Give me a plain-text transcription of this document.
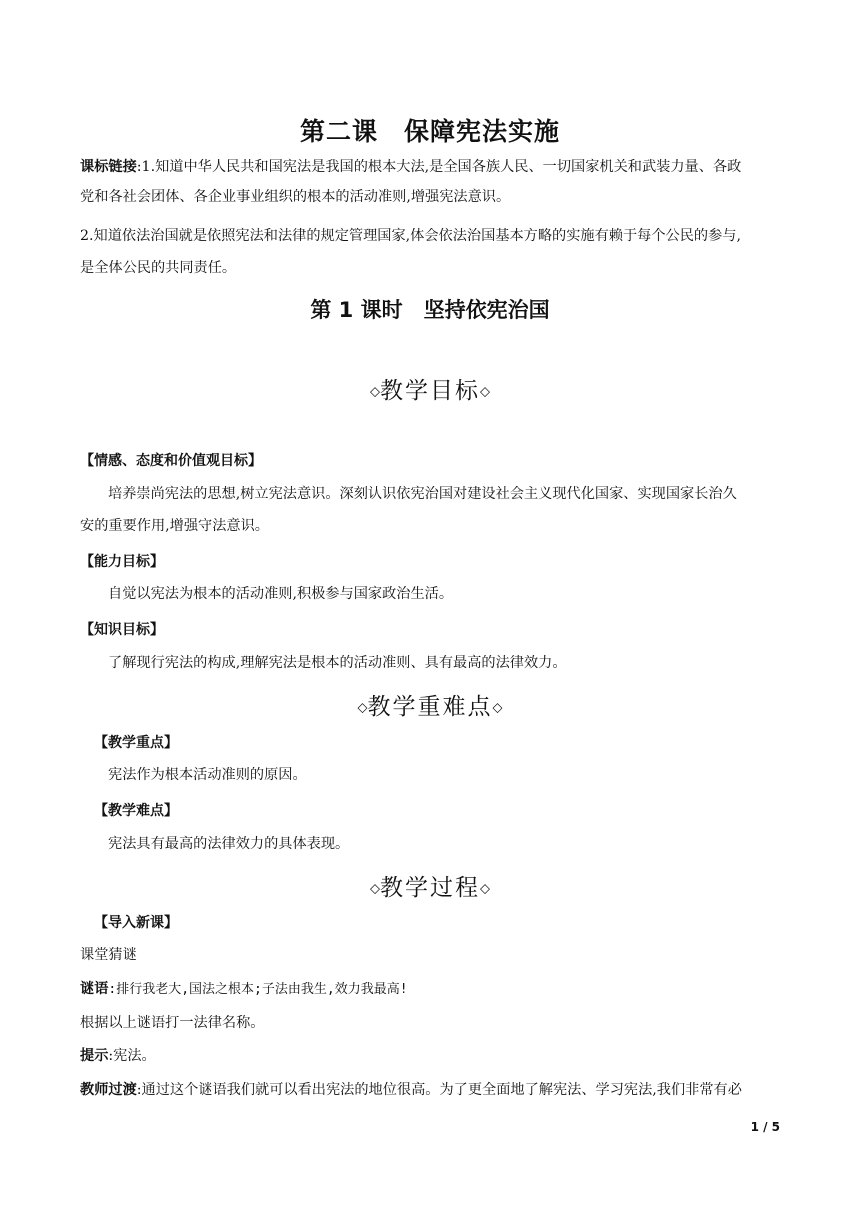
第二课　保障宪法实施
课标链接:1.知道中华人民共和国宪法是我国的根本大法,是全国各族人民、一切国家机关和武装力量、各政
党和各社会团体、各企业事业组织的根本的活动准则,增强宪法意识。
2.知道依法治国就是依照宪法和法律的规定管理国家,体会依法治国基本方略的实施有赖于每个公民的参与,
是全体公民的共同责任。
第 1 课时　坚持依宪治国
◇教学目标◇
【情感、态度和价值观目标】
培养崇尚宪法的思想,树立宪法意识。深刻认识依宪治国对建设社会主义现代化国家、实现国家长治久
安的重要作用,增强守法意识。
【能力目标】
自觉以宪法为根本的活动准则,积极参与国家政治生活。
【知识目标】
了解现行宪法的构成,理解宪法是根本的活动准则、具有最高的法律效力。
◇教学重难点◇
【教学重点】
宪法作为根本活动准则的原因。
【教学难点】
宪法具有最高的法律效力的具体表现。
◇教学过程◇
【导入新课】
课堂猜谜
谜语:排行我老大,国法之根本;子法由我生,效力我最高!
根据以上谜语打一法律名称。
提示:宪法。
教师过渡:通过这个谜语我们就可以看出宪法的地位很高。为了更全面地了解宪法、学习宪法,我们非常有必
1 / 5
